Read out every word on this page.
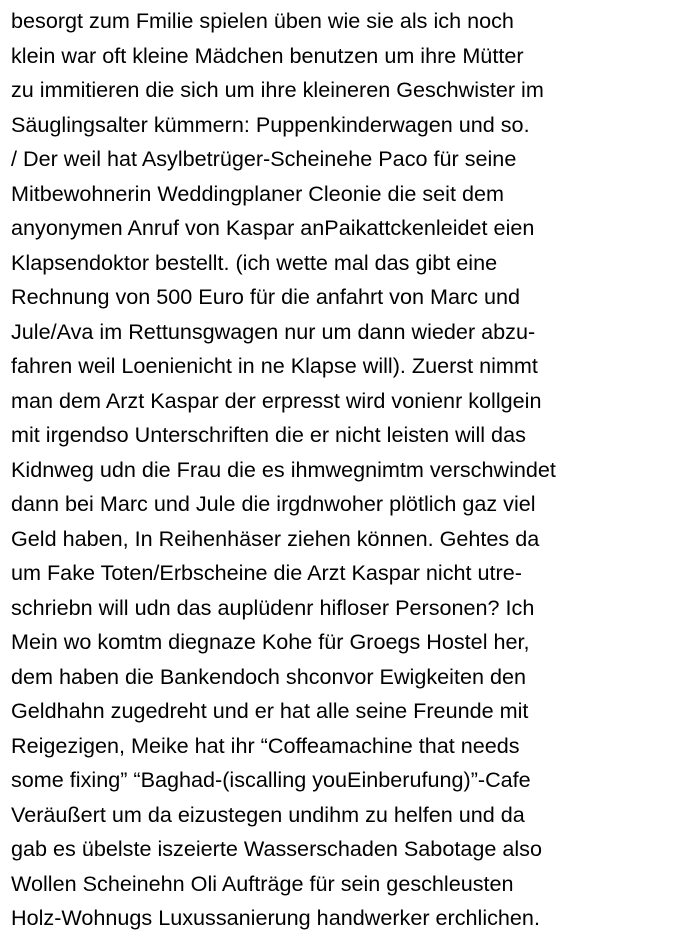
besorgt zum Fmilie spielen üben wie sie als ich noch
klein war oft kleine Mädchen benutzen um ihre Mütter
zu immitieren die sich um ihre kleineren Geschwister im
Säuglingsalter kümmern: Puppenkinderwagen und so.
/ Der weil hat Asylbetrüger-Scheinehe Paco für seine
Mitbewohnerin Weddingplaner Cleonie die seit dem
anyonymen Anruf von Kaspar anPaikattckenleidet eien
Klapsendoktor bestellt. (ich wette mal das gibt eine
Rechnung von 500 Euro für die anfahrt von Marc und
Jule/Ava im Rettunsgwagen nur um dann wieder abzu-
fahren weil Loenienicht in ne Klapse will). Zuerst nimmt
man dem Arzt Kaspar der erpresst wird vonienr kollgein
mit irgendso Unterschriften die er nicht leisten will das
Kidnweg udn die Frau die es ihmwegnimtm verschwindet
dann bei Marc und Jule die irgdnwoher plötlich gaz viel
Geld haben, In Reihenhäser ziehen können. Gehtes da
um Fake Toten/Erbscheine die Arzt Kaspar nicht utre-
schriebn will udn das auplüdenr hifloser Personen? Ich
Mein wo komtm diegnaze Kohe für Groegs Hostel her,
dem haben die Bankendoch shconvor Ewigkeiten den
Geldhahn zugedreht und er hat alle seine Freunde mit
Reigezigen, Meike hat ihr “Coffeamachine that needs
some fixing” “Baghad-(iscalling youEinberufung)”-Cafe
Veräußert um da eizustegen undihm zu helfen und da
gab es übelste iszeierte Wasserschaden Sabotage also
Wollen Scheinehn Oli Aufträge für sein geschleusten
Holz-Wohnugs Luxussanierung handwerker erchlichen.
